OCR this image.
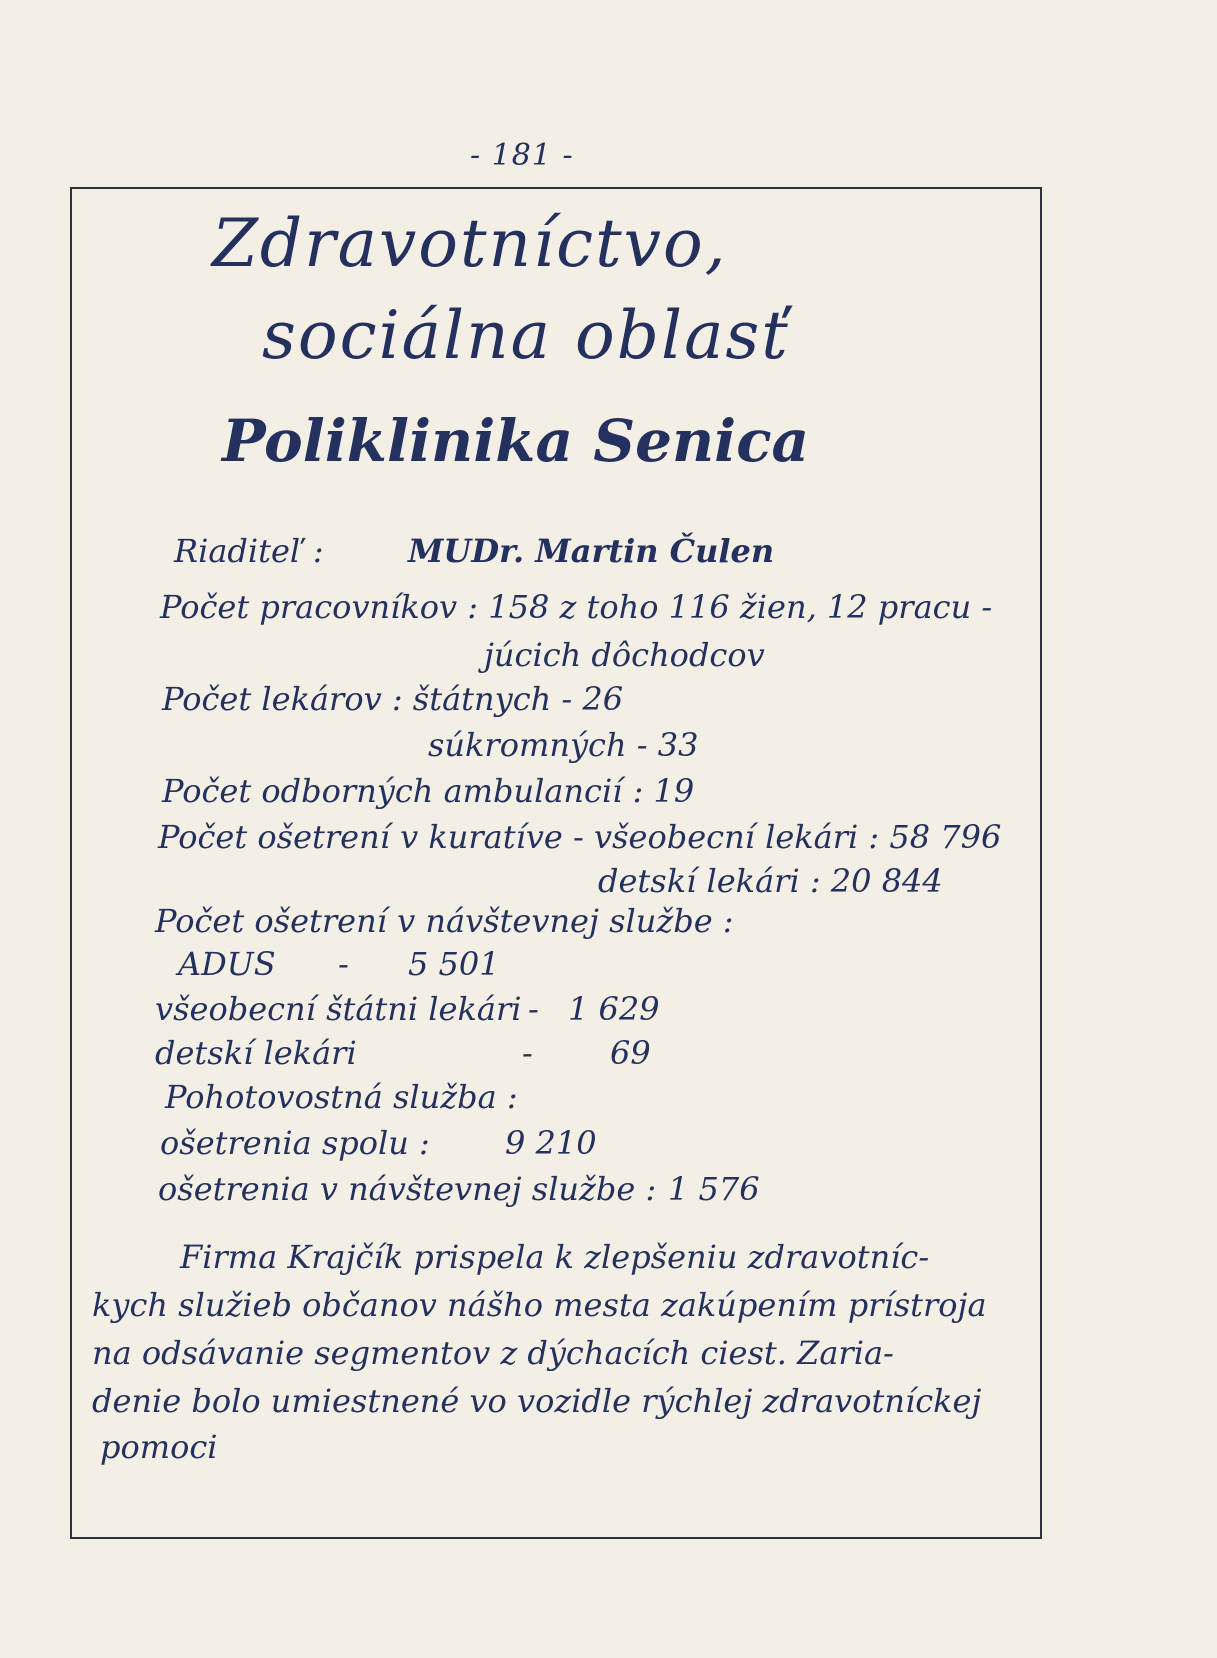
- 181 -
Zdravotníctvo,
sociálna oblasť
Poliklinika Senica
Riaditeľ :	MUDr. Martin Čulen
Počet pracovníkov : 158 z toho 116 žien, 12 pracu -
júcich dôchodcov
Počet lekárov : štátnych - 26
súkromných - 33
Počet odborných ambulancií : 19
Počet ošetrení v kuratíve - všeobecní lekári : 58 796
detskí lekári : 20 844
Počet ošetrení v návštevnej službe :
ADUS - 5 501
všeobecní štátni lekári - 1 629
detskí lekári	- 69
Pohotovostná služba :
ošetrenia spolu : 9 210
ošetrenia v návštevnej službe : 1 576
Firma Krajčík prispela k zlepšeniu zdravotníc-
kych služieb občanov nášho mesta zakúpením prístroja
na odsávanie segmentov z dýchacích ciest. Zaria-
denie bolo umiestnené vo vozidle rýchlej zdravotníckej
pomoci
